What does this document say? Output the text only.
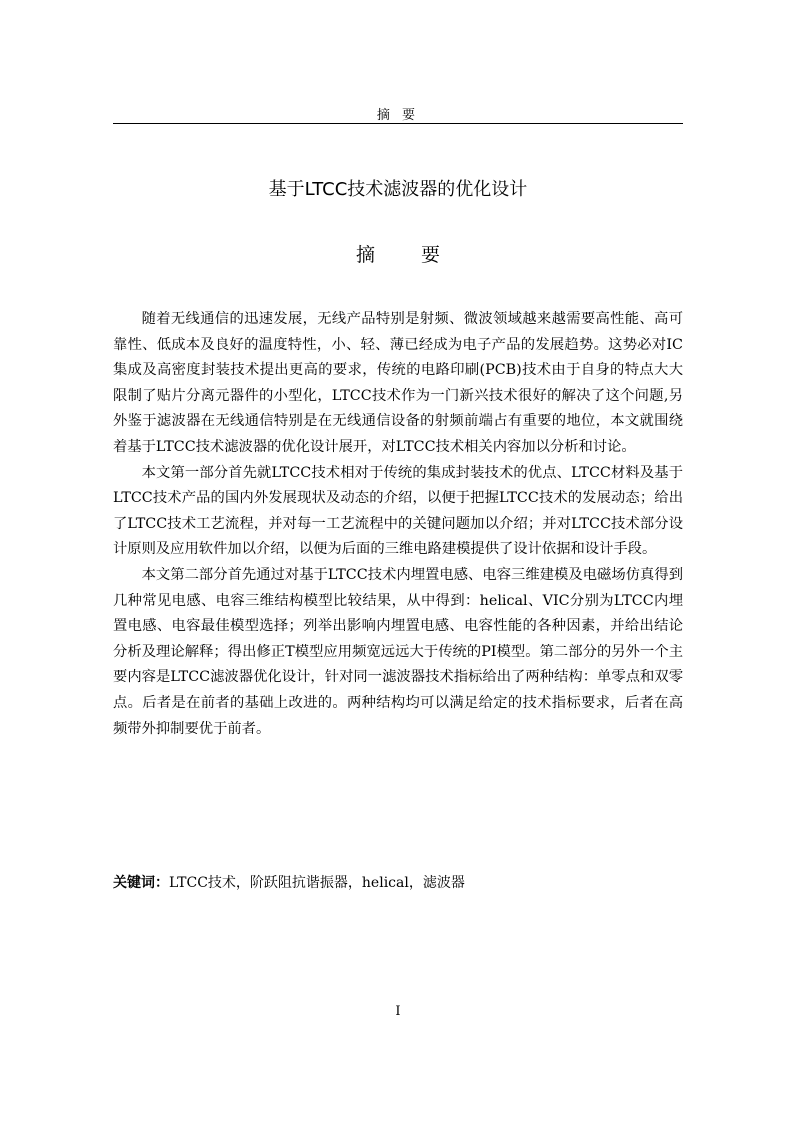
摘 要
基于LTCC技术滤波器的优化设计
摘 要

随着无线通信的迅速发展，无线产品特别是射频、微波领域越来越需要高性能、高可靠性、低成本及良好的温度特性，小、轻、薄已经成为电子产品的发展趋势。这势必对IC集成及高密度封装技术提出更高的要求，传统的电路印刷(PCB)技术由于自身的特点大大限制了贴片分离元器件的小型化，LTCC技术作为一门新兴技术很好的解决了这个问题,另外鉴于滤波器在无线通信特别是在无线通信设备的射频前端占有重要的地位，本文就围绕着基于LTCC技术滤波器的优化设计展开，对LTCC技术相关内容加以分析和讨论。

本文第一部分首先就LTCC技术相对于传统的集成封装技术的优点、LTCC材料及基于LTCC技术产品的国内外发展现状及动态的介绍，以便于把握LTCC技术的发展动态；给出了LTCC技术工艺流程，并对每一工艺流程中的关键问题加以介绍；并对LTCC技术部分设计原则及应用软件加以介绍，以便为后面的三维电路建模提供了设计依据和设计手段。

本文第二部分首先通过对基于LTCC技术内埋置电感、电容三维建模及电磁场仿真得到几种常见电感、电容三维结构模型比较结果，从中得到：helical、VIC分别为LTCC内埋置电感、电容最佳模型选择；列举出影响内埋置电感、电容性能的各种因素，并给出结论分析及理论解释；得出修正T模型应用频宽远远大于传统的PI模型。第二部分的另外一个主要内容是LTCC滤波器优化设计，针对同一滤波器技术指标给出了两种结构：单零点和双零点。后者是在前者的基础上改进的。两种结构均可以满足给定的技术指标要求，后者在高频带外抑制要优于前者。

关键词：LTCC技术，阶跃阻抗谐振器，helical，滤波器
I
